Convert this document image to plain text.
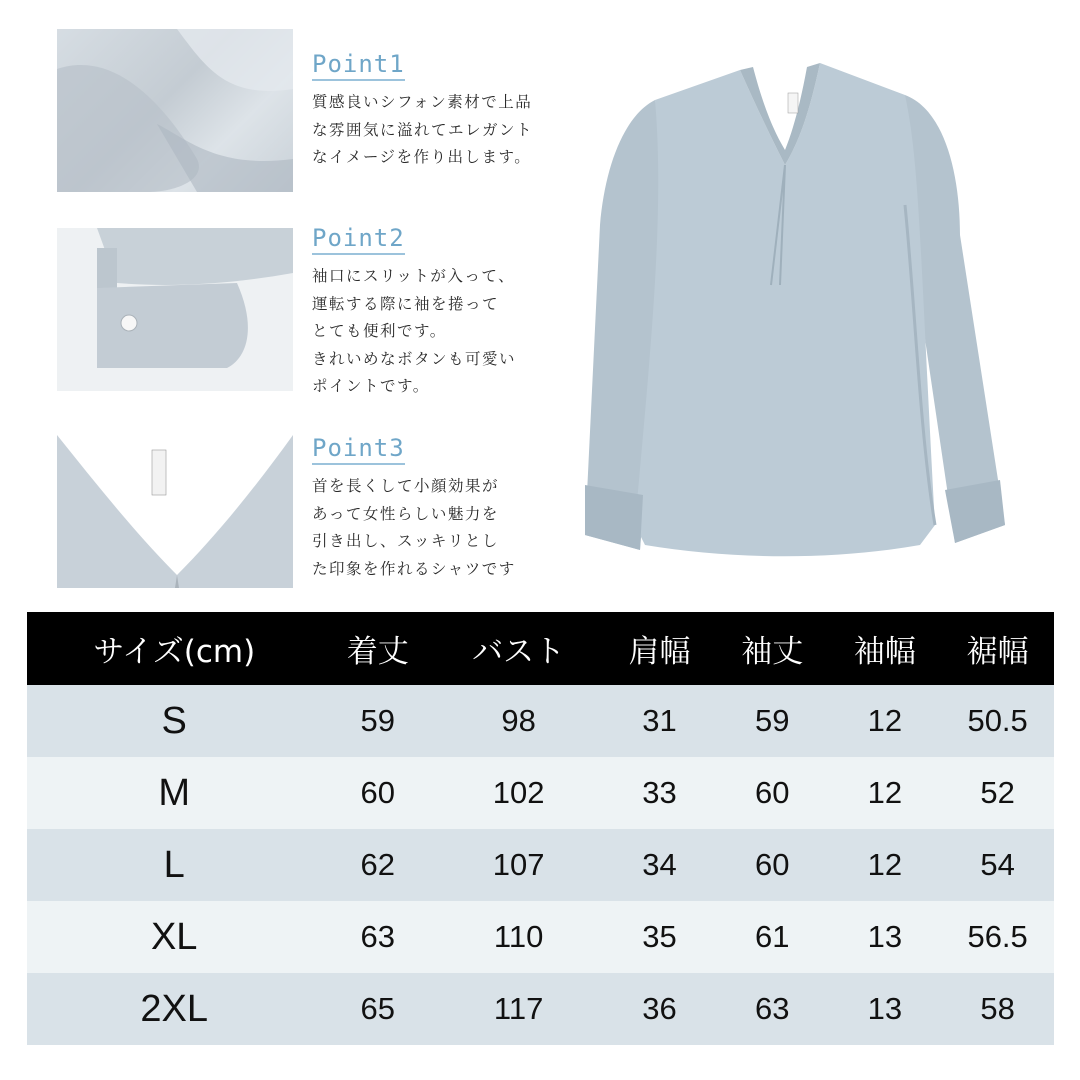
Point1
質感良いシフォン素材で上品
な雰囲気に溢れてエレガント
なイメージを作り出します。
Point2
袖口にスリットが入って、
運転する際に袖を捲って
とても便利です。
きれいめなボタンも可愛い
ポイントです。
Point3
首を長くして小顔効果が
あって女性らしい魅力を
引き出し、スッキリとし
た印象を作れるシャツです
サイズ(cm)	着丈	バスト	肩幅	袖丈	袖幅	裾幅
S	59	98	31	59	12	50.5
M	60	102	33	60	12	52
L	62	107	34	60	12	54
XL	63	110	35	61	13	56.5
2XL	65	117	36	63	13	58
